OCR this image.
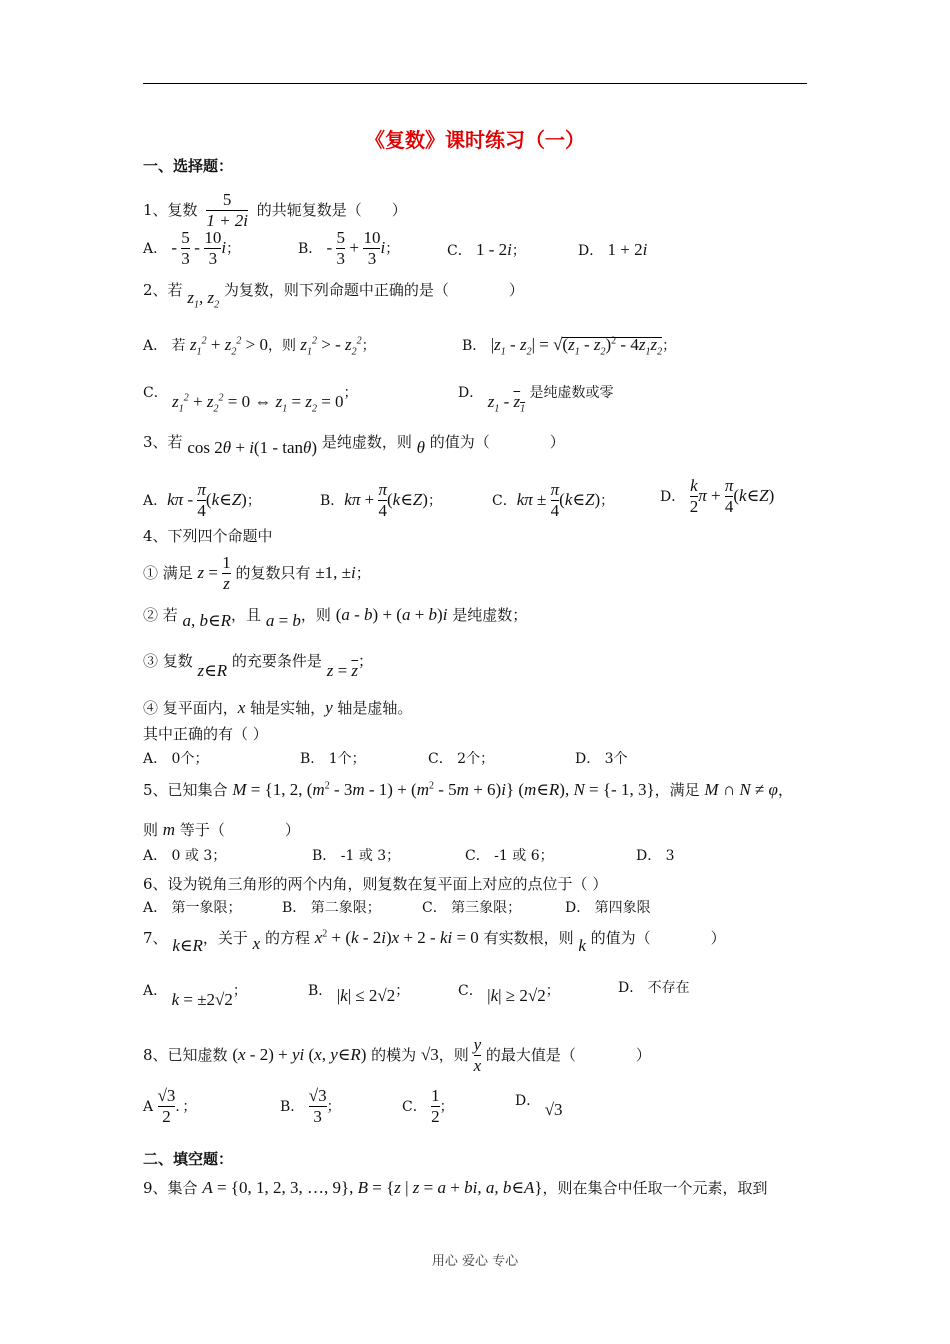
《复数》课时练习（一）
一、选择题：
1、复数 $\frac{5}{1 + 2i}$ 的共轭复数是（　　）
A． - $\frac{5}{3} - \frac{10}{3}$ i；	B． - $\frac{5}{3} + \frac{10}{3}$ i；	C． 1 - 2i；	D． 1 + 2i
2、若 $z_1$, $z_2$ 为复数，则下列命题中正确的是（　　　　）
A． 若 $z_1^2 + z_2^2 > 0$，则 $z_1^2$ > - $z_2^2$；	B． $|z_1 - z_2| = √(z_1 - z_2)^2 - 4z_1z_2$；
C． $z_1^2 + z_2^2 = 0$ ⇔ $z_1 = z_2 = 0$；	D． $z_1 - z_1$ 是纯虚数或零
3、若 cos 2θ + i(1 - tanθ) 是纯虚数，则 θ 的值为（　　　　）
A．kπ - $\frac{\pi}{4}$ (k∈Z)；	B．$k\pi + \frac{\pi}{4}$ (k∈Z)；	C．$k\pi \pm \frac{\pi}{4}$ (k∈Z)；	D． $\frac{k}{2}$ $\pi + \frac{\pi}{4}$ (k∈Z)
4、下列四个命题中
① 满足 $z = \frac{1}{z}$ 的复数只有 ±1, ±i；
② 若 a, b∈R，且 a = b，则 (a - b) + (a + b)i 是纯虚数；
③ 复数 z∈R 的充要条件是 $z = \overline{z}$；
④ 复平面内，x 轴是实轴，y 轴是虚轴。
其中正确的有（ ）
A． 0个；	B． 1个；	C． 2个；	D． 3个
5、已知集合 M = {1, 2, $(m^2 - 3m - 1) + (m^2 - 5m + 6)i$} (m∈R), N = {- 1, 3}，满足 M ∩ N ≠ φ，
则 m 等于（　　　　）
A． 0 或 3；	B． -1 或 3；	C． -1 或 6；	D． 3
6、设为锐角三角形的两个内角，则复数在复平面上对应的点位于（ ）
A． 第一象限；	B． 第二象限；	C． 第三象限；	D． 第四象限
7、 k∈R，关于 x 的方程 $x^2 + (k - 2i)x + 2$ - ki = 0 有实数根，则 k 的值为（　　　　）
A． k = ±2√2；	B． |k| ≤ 2√2；	C． |k| ≥ 2√2；	D． 不存在
8、已知虚数 (x - 2) + yi (x, y∈R) 的模为 √3，则 $\frac{y}{x}$ 的最大值是（　　　　）
A $\frac{√3}{2}$ ．；	B． $\frac{√3}{3}$ ；	C． $\frac{1}{2}$ ；	D． √3
二、填空题：
9、集合 A = {0, 1, 2, 3, …, 9}, B = {z | z = a + bi, a, b∈A}，则在集合中任取一个元素，取到
用心 爱心 专心
